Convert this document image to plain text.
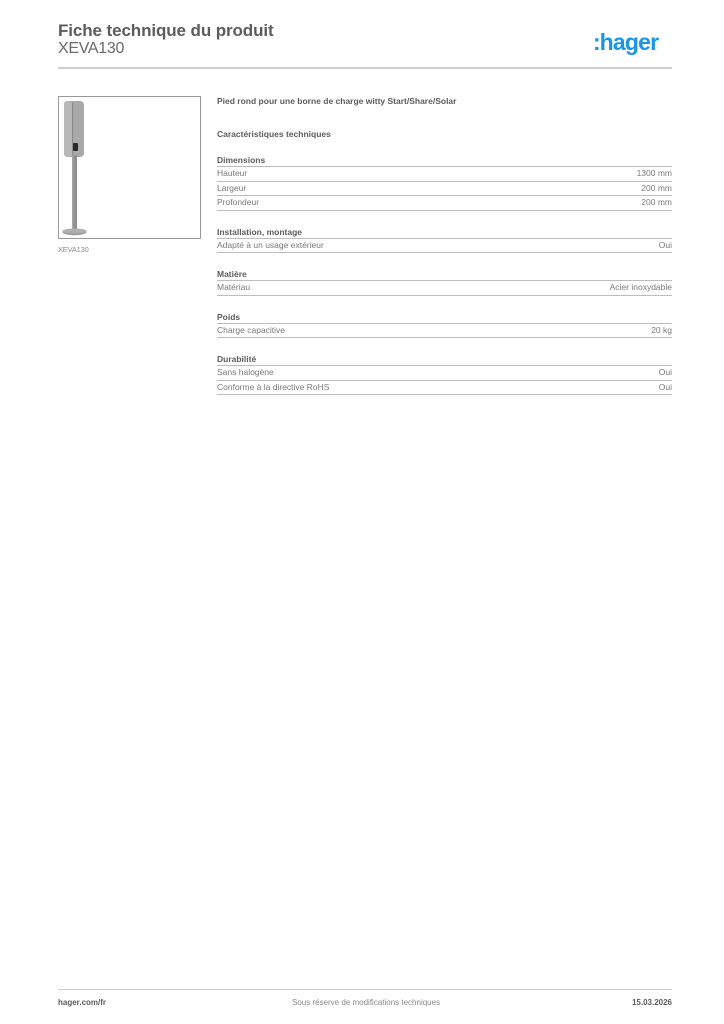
Fiche technique du produit
XEVA130	:hager
XEVA130
Pied rond pour une borne de charge witty Start/Share/Solar
Caractéristiques techniques
Dimensions
Hauteur	1300 mm
Largeur	200 mm
Profondeur	200 mm
Installation, montage
Adapté à un usage extérieur	Oui
Matière
Matériau	Acier inoxydable
Poids
Charge capacitive	20 kg
Durabilité
Sans halogène	Oui
Conforme à la directive RoHS	Oui
hager.com/fr	Sous réserve de modifications techniques	15.03.2026
